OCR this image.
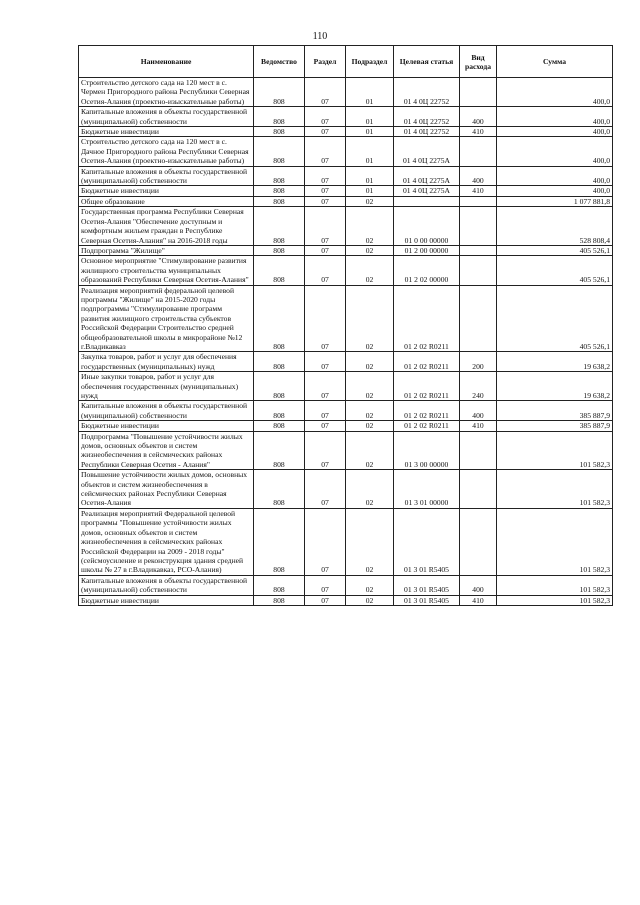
110
Наименование	Ведомство	Раздел	Подраздел	Целевая статья	Вид расхода	Сумма
Строительство детского сада на 120 мест в с. Чермен Пригородного района Республики Северная Осетия-Алания (проектно-изыскательные работы)	808	07	01	01 4 0Ц 22752		400,0
Капитальные вложения в объекты государственной (муниципальной) собственности	808	07	01	01 4 0Ц 22752	400	400,0
Бюджетные инвестиции	808	07	01	01 4 0Ц 22752	410	400,0
Строительство детского сада на 120 мест в с. Дачное Пригородного района Республики Северная Осетия-Алания (проектно-изыскательные работы)	808	07	01	01 4 0Ц 2275А		400,0
Капитальные вложения в объекты государственной (муниципальной) собственности	808	07	01	01 4 0Ц 2275А	400	400,0
Бюджетные инвестиции	808	07	01	01 4 0Ц 2275А	410	400,0
Общее образование	808	07	02			1 077 881,8
Государственная программа Республики Северная Осетия-Алания "Обеспечение доступным и комфортным жильем граждан в Республике Северная Осетия-Алания" на 2016-2018 годы	808	07	02	01 0 00 00000		528 808,4
Подпрограмма "Жилище"	808	07	02	01 2 00 00000		405 526,1
Основное мероприятие "Стимулирование развития жилищного строительства муниципальных образований Республики Северная Осетия-Алания"	808	07	02	01 2 02 00000		405 526,1
Реализация мероприятий федеральной целевой программы "Жилище" на 2015-2020 годы подпрограммы "Стимулирование программ развития жилищного строительства субъектов Российской Федерации Строительство средней общеобразовательной школы в микрорайоне №12 г.Владикавказ	808	07	02	01 2 02 R0211		405 526,1
Закупка товаров, работ и услуг для обеспечения государственных (муниципальных) нужд	808	07	02	01 2 02 R0211	200	19 638,2
Иные закупки товаров, работ и услуг для обеспечения государственных (муниципальных) нужд	808	07	02	01 2 02 R0211	240	19 638,2
Капитальные вложения в объекты государственной (муниципальной) собственности	808	07	02	01 2 02 R0211	400	385 887,9
Бюджетные инвестиции	808	07	02	01 2 02 R0211	410	385 887,9
Подпрограмма "Повышение устойчивости жилых домов, основных объектов и систем жизнеобеспечения в сейсмических районах Республики Северная Осетия - Алания"	808	07	02	01 3 00 00000		101 582,3
Повышение устойчивости жилых домов, основных объектов и систем жизнеобеспечения в сейсмических районах Республики Северная Осетия-Алания	808	07	02	01 3 01 00000		101 582,3
Реализация мероприятий Федеральной целевой программы "Повышение устойчивости жилых домов, основных объектов и систем жизнеобеспечения в сейсмических районах Российской Федерации на 2009 - 2018 годы" (сейсмоусиление и реконструкция здания средней школы № 27 в г.Владикавказ, РСО-Алания)	808	07	02	01 3 01 R5405		101 582,3
Капитальные вложения в объекты государственной (муниципальной) собственности	808	07	02	01 3 01 R5405	400	101 582,3
Бюджетные инвестиции	808	07	02	01 3 01 R5405	410	101 582,3
